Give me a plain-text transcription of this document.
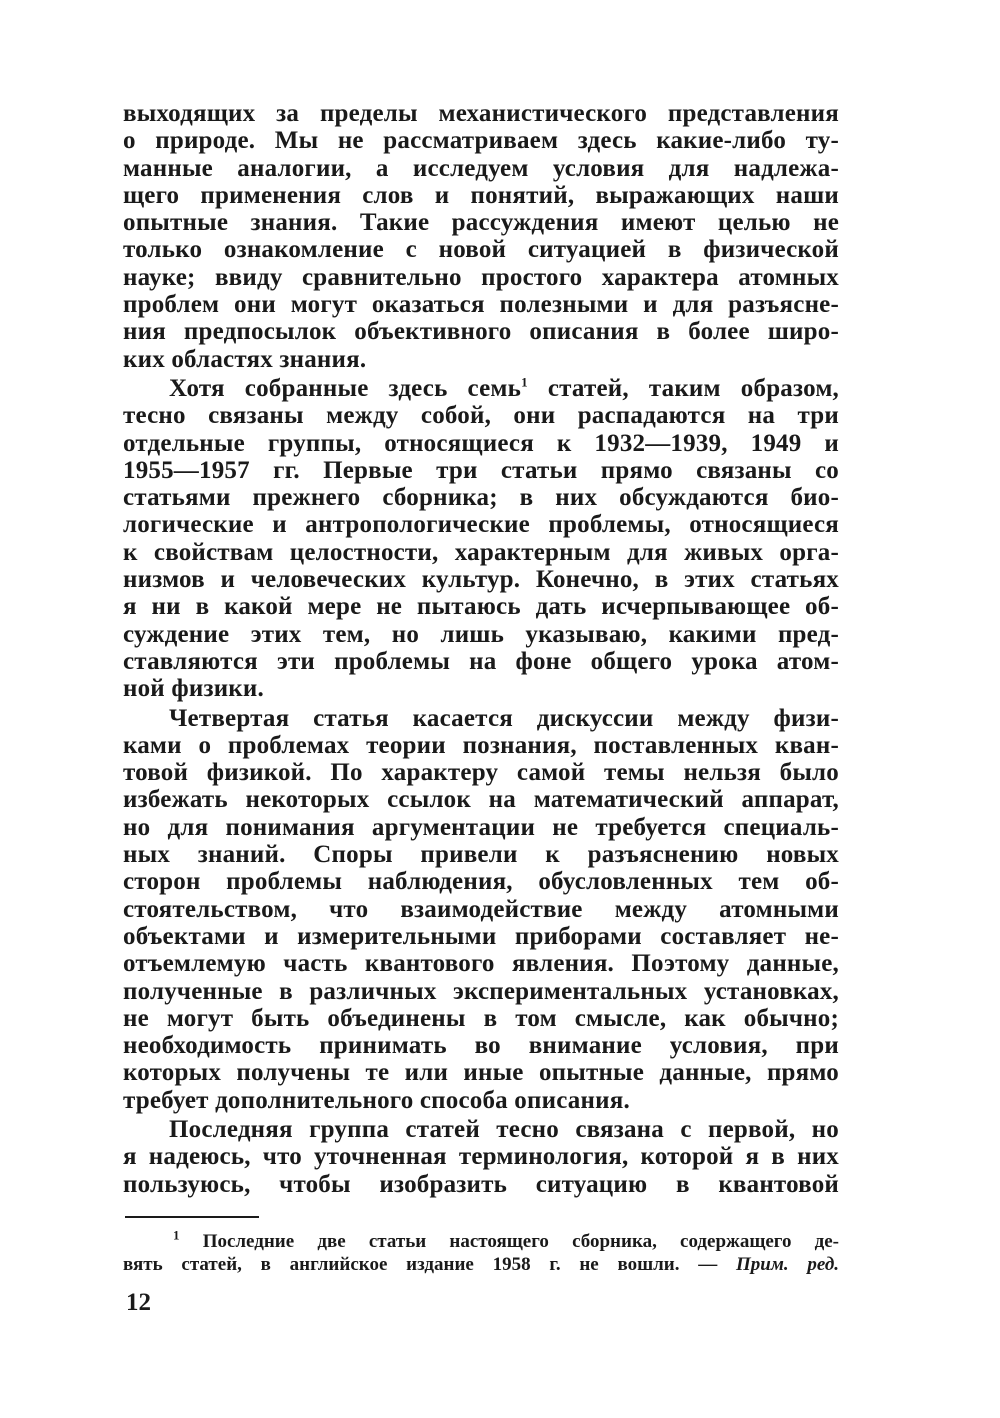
выходящих за пределы механистического представления
о природе. Мы не рассматриваем здесь какие-либо ту-
манные аналогии, а исследуем условия для надлежа-
щего применения слов и понятий, выражающих наши
опытные знания. Такие рассуждения имеют целью не
только ознакомление с новой ситуацией в физической
науке; ввиду сравнительно простого характера атомных
проблем они могут оказаться полезными и для разъясне-
ния предпосылок объективного описания в более широ-
ких областях знания.
Хотя собранные здесь семь$^1$ статей, таким образом,
тесно связаны между собой, они распадаются на три
отдельные группы, относящиеся к 1932—1939, 1949 и
1955—1957 гг. Первые три статьи прямо связаны со
статьями прежнего сборника; в них обсуждаются био-
логические и антропологические проблемы, относящиеся
к свойствам целостности, характерным для живых орга-
низмов и человеческих культур. Конечно, в этих статьях
я ни в какой мере не пытаюсь дать исчерпывающее об-
суждение этих тем, но лишь указываю, какими пред-
ставляются эти проблемы на фоне общего урока атом-
ной физики.
Четвертая статья касается дискуссии между физи-
ками о проблемах теории познания, поставленных кван-
товой физикой. По характеру самой темы нельзя было
избежать некоторых ссылок на математический аппарат,
но для понимания аргументации не требуется специаль-
ных знаний. Споры привели к разъяснению новых
сторон проблемы наблюдения, обусловленных тем об-
стоятельством, что взаимодействие между атомными
объектами и измерительными приборами составляет не-
отъемлемую часть квантового явления. Поэтому данные,
полученные в различных экспериментальных установках,
не могут быть объединены в том смысле, как обычно;
необходимость принимать во внимание условия, при
которых получены те или иные опытные данные, прямо
требует дополнительного способа описания.
Последняя группа статей тесно связана с первой, но
я надеюсь, что уточненная терминология, которой я в них
пользуюсь, чтобы изобразить ситуацию в квантовой
$^1$ Последние две статьи настоящего сборника, содержащего де-
вять статей, в английское издание 1958 г. не вошли. — Прим. ред.
12
